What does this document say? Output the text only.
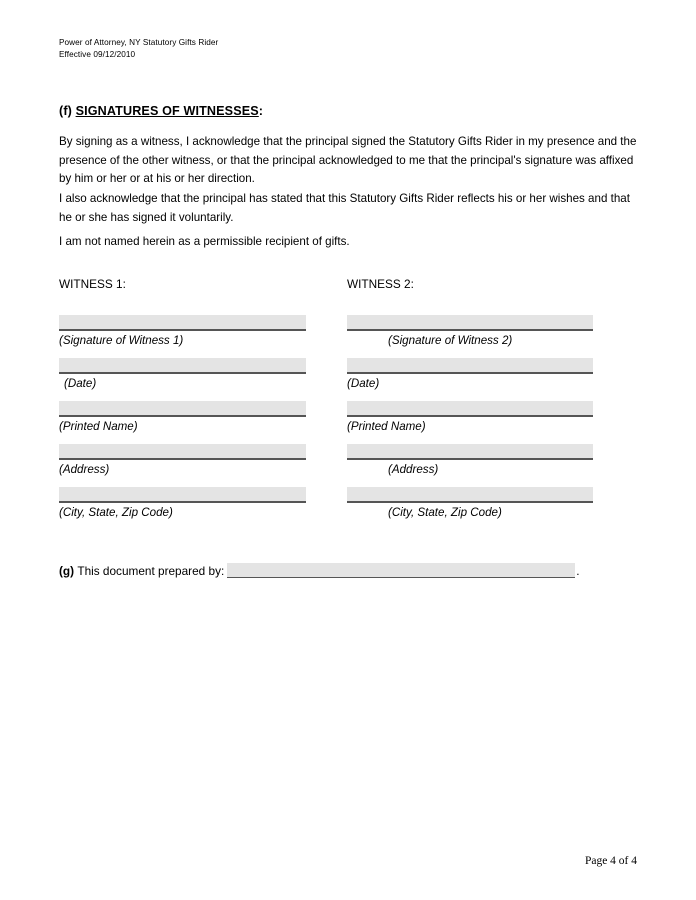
Power of Attorney, NY Statutory Gifts Rider
Effective 09/12/2010
(f) SIGNATURES OF WITNESSES:
By signing as a witness, I acknowledge that the principal signed the Statutory Gifts Rider in my presence and the presence of the other witness, or that the principal acknowledged to me that the principal's signature was affixed by him or her or at his or her direction.
I also acknowledge that the principal has stated that this Statutory Gifts Rider reflects his or her wishes and that he or she has signed it voluntarily.
I am not named herein as a permissible recipient of gifts.
WITNESS 1:	WITNESS 2:
(Signature of Witness 1)
(Date)
(Printed Name)
(Address)
(City, State, Zip Code)
(Signature of Witness 2)
(Date)
(Printed Name)
(Address)
(City, State, Zip Code)
(g) This document prepared by:	.
Page 4 of 4
